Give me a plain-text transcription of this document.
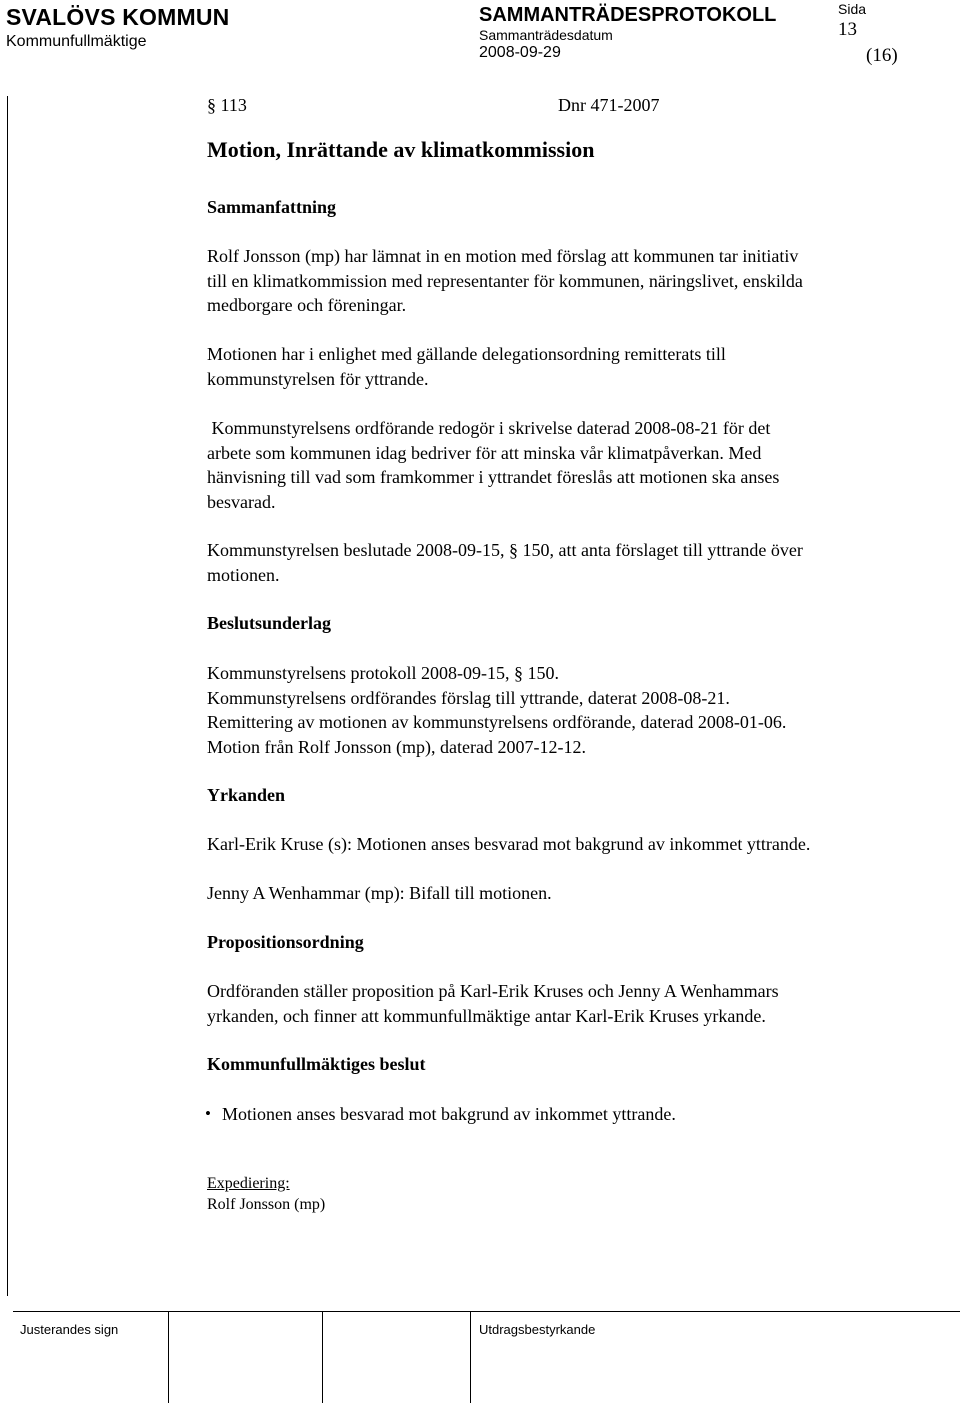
SVALÖVS KOMMUN
Kommunfullmäktige
SAMMANTRÄDESPROTOKOLL
Sammanträdesdatum
2008-09-29
Sida
13
(16)
§ 113	Dnr 471-2007
Motion, Inrättande av klimatkommission
Sammanfattning
Rolf Jonsson (mp) har lämnat in en motion med förslag att kommunen tar initiativ
till en klimatkommission med representanter för kommunen, näringslivet, enskilda
medborgare och föreningar.
Motionen har i enlighet med gällande delegationsordning remitterats till
kommunstyrelsen för yttrande.
Kommunstyrelsens ordförande redogör i skrivelse daterad 2008-08-21 för det
arbete som kommunen idag bedriver för att minska vår klimatpåverkan. Med
hänvisning till vad som framkommer i yttrandet föreslås att motionen ska anses
besvarad.
Kommunstyrelsen beslutade 2008-09-15, § 150, att anta förslaget till yttrande över
motionen.
Beslutsunderlag
Kommunstyrelsens protokoll 2008-09-15, § 150.
Kommunstyrelsens ordförandes förslag till yttrande, daterat 2008-08-21.
Remittering av motionen av kommunstyrelsens ordförande, daterad 2008-01-06.
Motion från Rolf Jonsson (mp), daterad 2007-12-12.
Yrkanden
Karl-Erik Kruse (s): Motionen anses besvarad mot bakgrund av inkommet yttrande.
Jenny A Wenhammar (mp): Bifall till motionen.
Propositionsordning
Ordföranden ställer proposition på Karl-Erik Kruses och Jenny A Wenhammars
yrkanden, och finner att kommunfullmäktige antar Karl-Erik Kruses yrkande.
Kommunfullmäktiges beslut
• Motionen anses besvarad mot bakgrund av inkommet yttrande.
Expediering:
Rolf Jonsson (mp)
Justerandes sign	Utdragsbestyrkande
